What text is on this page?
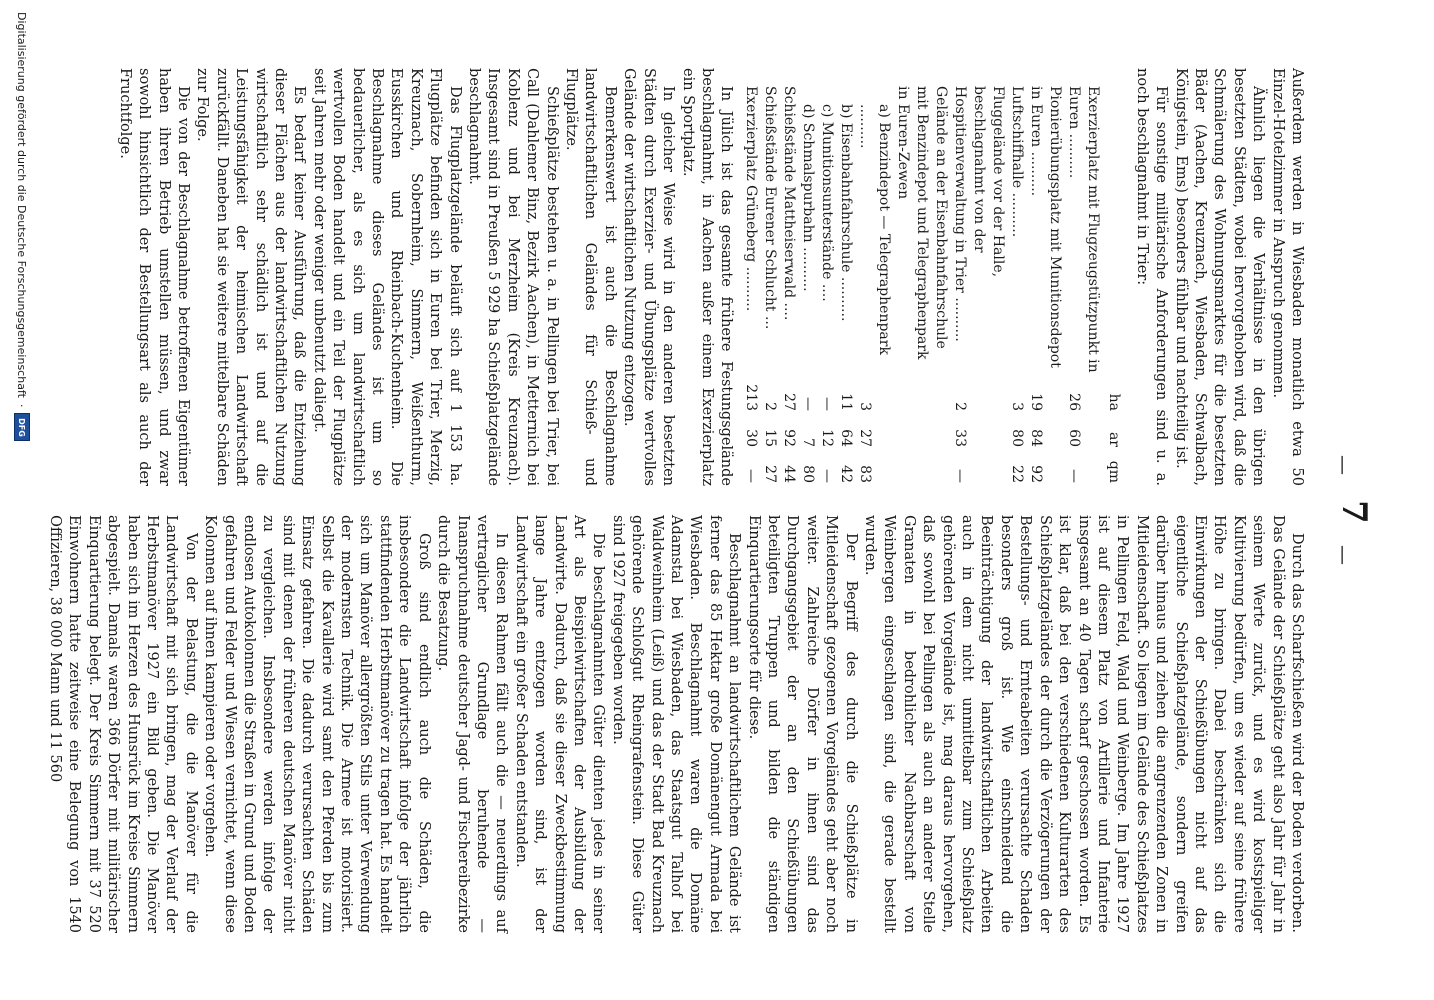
—
7
—

Außerdem werden in Wiesbaden monatlich etwa 50 Einzel-Hotelzimmer in Anspruch genommen.

Ähnlich liegen die Verhältnisse in den übrigen besetzten Städten, wobei hervorgehoben wird, daß die Schmälerung des Wohnungsmarktes für die besetzten Bäder (Aachen, Kreuznach, Wiesbaden, Schwalbach, Königstein, Ems) besonders fühlbar und nachteilig ist.

Für sonstige militärische Anforderungen sind u. a. noch beschlagnahmt in Trier:

	ha	ar	qm
Exerzierplatz mit Flugzeugstützpunkt in Euren ..........	26	60	—
Pionierübungsplatz mit Munitionsdepot in Euren ..........	19	84	92
Luftschiffhalle ..........	3	80	22
Fluggelände vor der Halle, beschlagnahmt von der Hospitienverwaltung in Trier ..........	2	33	—
Gelände an der Eisenbahnfahrschule mit Benzindepot und Telegraphenpark in Euren-Zewen			
a) Benzindepot — Telegraphenpark ..........	3	27	83
b) Eisenbahnfahrschule ..........	11	64	42
c) Munitionsunterstände ....	—	12	—
d) Schmalspurbahn ..........	—	7	80
Schießstände Mattheiserwald ....	27	92	44
Schießstände Eurener Schlucht ...	2	15	27
Exerzierplatz Grüneberg ..........	213	30	—

In Jülich ist das gesamte frühere Festungsgelände beschlagnahmt, in Aachen außer einem Exerzierplatz ein Sportplatz.

In gleicher Weise wird in den anderen besetzten Städten durch Exerzier- und Übungsplätze wertvolles Gelände der wirtschaftlichen Nutzung entzogen.

Bemerkenswert ist auch die Beschlagnahme landwirtschaftlichen Geländes für Schieß- und Flugplätze.

Schießplätze bestehen u. a. in Pellingen bei Trier, bei Call (Dahlemer Binz, Bezirk Aachen), in Metternich bei Koblenz und bei Merzheim (Kreis Kreuznach). Insgesamt sind in Preußen 5 929 ha Schießplatzgelände beschlagnahmt.

Das Flugplatzgelände beläuft sich auf 1 153 ha. Flugplätze befinden sich in Euren bei Trier, Merzig, Kreuznach, Sobernheim, Simmern, Weißenthurm, Eusskirchen und Rheinbach-Kuchenheim. Die Beschlagnahme dieses Geländes ist um so bedauerlicher, als es sich um landwirtschaftlich wertvollen Boden handelt und ein Teil der Flugplätze seit Jahren mehr oder weniger unbenutzt daliegt.

Es bedarf keiner Ausführung, daß die Entziehung dieser Flächen aus der landwirtschaftlichen Nutzung wirtschaftlich sehr schädlich ist und auf die Leistungsfähigkeit der heimischen Landwirtschaft zurückfällt. Daneben hat sie weitere mittelbare Schäden zur Folge.

Die von der Beschlagnahme betroffenen Eigentümer haben ihren Betrieb umstellen müssen, und zwar sowohl hinsichtlich der Bestellungsart als auch der Fruchtfolge.

Durch das Scharfschießen wird der Boden verdorben. Das Gelände der Schießplätze geht also Jahr für Jahr in seinem Werte zurück, und es wird kostspieliger Kultivierung bedürfen, um es wieder auf seine frühere Höhe zu bringen. Dabei beschränken sich die Einwirkungen der Schießübungen nicht auf das eigentliche Schießplatzgelände, sondern greifen darüber hinaus und ziehen die angrenzenden Zonen in Mitleidenschaft. So liegen im Gelände des Schießplatzes in Pellingen Feld, Wald und Weinberge. Im Jahre 1927 ist auf diesem Platz von Artillerie und Infanterie insgesamt an 40 Tagen scharf geschossen worden. Es ist klar, daß bei den verschiedenen Kulturarten des Schießplatzgeländes der durch die Verzögerungen der Bestellungs- und Ernteabeiten verursachte Schaden besonders groß ist. Wie einschneidend die Beeinträchtigung der landwirtschaftlichen Arbeiten auch in dem nicht unmittelbar zum Schießplatz gehörenden Vorgelände ist, mag daraus hervorgehen, daß sowohl bei Pellingen als auch an anderer Stelle Granaten in bedrohlicher Nachbarschaft von Weinbergen eingeschlagen sind, die gerade bestellt wurden.

Der Begriff des durch die Schießplätze in Mitleidenschaft gezogenen Vorgeländes geht aber noch weiter. Zahlreiche Dörfer in ihnen sind das Durchgangsgebiet der an den Schießübungen beteiligten Truppen und bilden die ständigen Einquartierungsorte für diese.

Beschlagnahmt an landwirtschaftlichem Gelände ist ferner das 85 Hektar große Domänengut Armada bei Wiesbaden. Beschlagnahmt waren die Domäne Adamstal bei Wiesbaden, das Staatsgut Talhof bei Waldweinheim (Leiß) und das der Stadt Bad Kreuznach gehörende Schloßgut Rheingrafenstein. Diese Güter sind 1927 freigegeben worden.

Die beschlagnahmten Güter dienten jedes in seiner Art als Beispielwirtschaften der Ausbildung der Landwirte. Dadurch, daß sie dieser Zweckbestimmung lange Jahre entzogen worden sind, ist der Landwirtschaft ein großer Schaden entstanden.

In diesen Rahmen fällt auch die — neuerdings auf vertraglicher Grundlage beruhende — Inanspruchnahme deutscher Jagd- und Fischereibezirke durch die Besatzung.

Groß sind endlich auch die Schäden, die insbesondere die Landwirtschaft infolge der jährlich stattfindenden Herbstmanöver zu tragen hat. Es handelt sich um Manöver allergrößten Stils unter Verwendung der modernsten Technik. Die Armee ist motorisiert. Selbst die Kavallerie wird samt den Pferden bis zum Einsatz gefahren. Die dadurch verursachten Schäden sind mit denen der früheren deutschen Manöver nicht zu vergleichen. Insbesondere werden infolge der endlosen Autokolonnen die Straßen in Grund und Boden gefahren und Felder und Wiesen vernichtet, wenn diese Kolonnen auf ihnen kampieren oder vorgehen.

Von der Belastung, die die Manöver für die Landwirtschaft mit sich bringen, mag der Verlauf der Herbstmanöver 1927 ein Bild geben. Die Manöver haben sich im Herzen des Hunsrück im Kreise Simmern abgespielt. Damals waren 366 Dörfer mit militärischer Einquartierung belegt. Der Kreis Simmern mit 37 520 Einwohnern hatte zeitweise eine Belegung von 1540 Offizieren, 38 000 Mann und 11 560

Digitalisierung gefördert durch die Deutsche Forschungsgemeinschaft
·
DFG
